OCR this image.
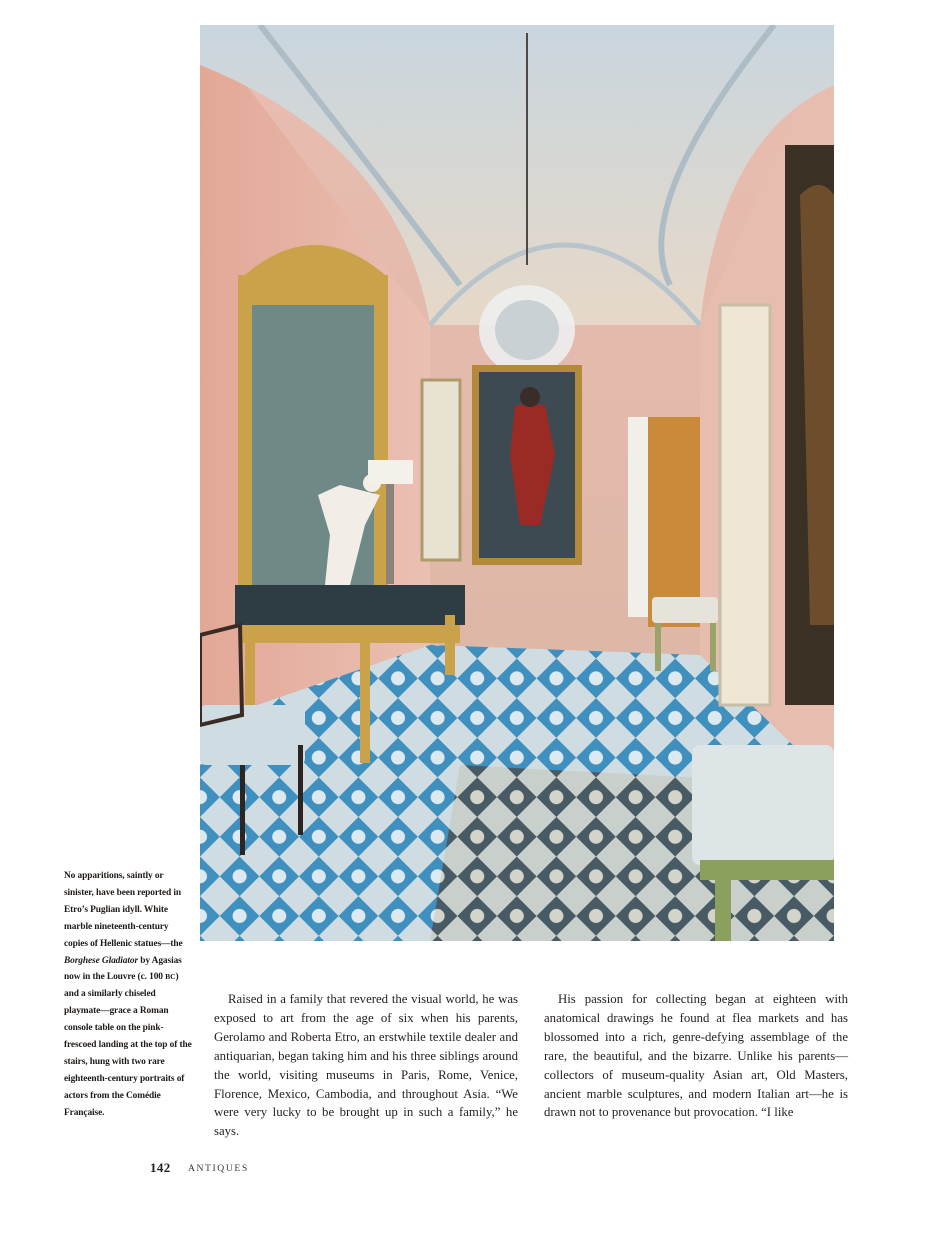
No apparitions, saintly or sinister, have been reported in Etro’s Puglian idyll. White marble nineteenth-century copies of Hellenic statues—the Borghese Gladiator by Agasias now in the Louvre (c. 100 BC) and a similarly chiseled playmate—grace a Roman console table on the pink-frescoed landing at the top of the stairs, hung with two rare eighteenth-century portraits of actors from the Comédie Française.

Raised in a family that revered the visual world, he was exposed to art from the age of six when his parents, Gerolamo and Roberta Etro, an erstwhile textile dealer and antiquarian, began taking him and his three siblings around the world, visiting museums in Paris, Rome, Venice, Florence, Mexico, Cambodia, and throughout Asia. “We were very lucky to be brought up in such a family,” he says.

His passion for collecting began at eighteen with anatomical drawings he found at flea markets and has blossomed into a rich, genre-defying assemblage of the rare, the beautiful, and the bizarre. Unlike his parents—collectors of museum-quality Asian art, Old Masters, ancient marble sculptures, and modern Italian art—he is drawn not to provenance but provocation. “I like

142 ANTIQUES
